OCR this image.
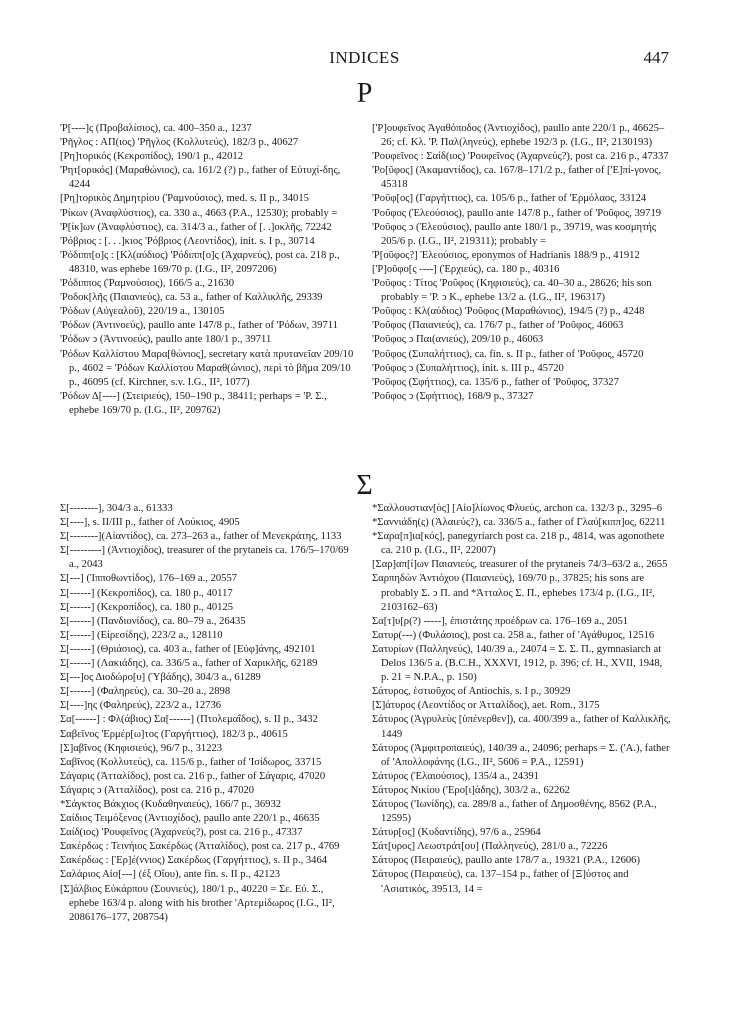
INDICES	447
Ρ

'Ρ[----]ς (Προβαλίσιος), ca. 400–350 a., 1237

'Ρῆγλος : ΑΠ(ιος) 'Ρῆγλος (Κολλυτεύς), 182/3 p., 40627

[Ρη]τορικός (Κεκροπίδος), 190/1 p., 42012

'Ρητ[ορικός] (Μαραθώνιος), ca. 161/2 (?) p., father of Εὐτυχί-δης, 4244

[Ρη]τορικὸς Δημητρίου (Ῥαμνούσιος), med. s. II p., 34015

'Ρίκων (Ἀναφλύστιος), ca. 330 a., 4663 (P.A., 12530); probably =

'Ρ[ίκ]ων (Ἀναφλύστιος), ca. 314/3 a., father of [. .]οκλῆς, 72242

'Ρόβριος : [. . .]κιος 'Ρόβριος (Λεοντίδος), init. s. I p., 30714

'Ρόδιππ[ο]ς : [Κλ(αύδιος) 'Ρόδιππ[ο]ς (Ἀχαρνεύς), post ca. 218 p., 48310, was ephebe 169/70 p. (I.G., II², 2097206)

'Ρόδιππος (Ῥαμνούσιος), 166/5 a., 21630

'Ροδοκ[λῆς (Παιανιεύς), ca. 53 a., father of Καλλικλῆς, 29339

'Ρόδων (Αὐγεαλοῦ), 220/19 a., 130105

'Ρόδων (Ἀντινοεύς), paullo ante 147/8 p., father of 'Ρόδων, 39711

'Ρόδων ͻ (Ἀντινοεύς), paullo ante 180/1 p., 39711

'Ρόδων Καλλίστου Μαρα[θώνιος], secretary κατὰ πρυτανεῖαν 209/10 p., 4602 = 'Ρόδων Καλλίστου Μαραθ(ώνιος), περὶ τὸ βῆμα 209/10 p., 46095 (cf. Kirchner, s.v. I.G., II², 1077)

'Ρόδων Δ[----] (Στειριεύς), 150–190 p., 38411; perhaps = 'Ρ. Σ., ephebe 169/70 p. (I.G., II², 209762)

['Ρ]ουφεῖνος Ἀγαθόποδος (Ἀντιοχίδος), paullo ante 220/1 p., 46625–26; cf. Κλ. 'Ρ. Παλ(ληνεύς), ephebe 192/3 p. (I.G., II², 2130193)

'Ρουφεῖνος : Σαίδ(ιος) 'Ρουφεῖνος (Ἀχαρνεύς?), post ca. 216 p., 47337

'Ρο[ῦφος] (Ἀκαμαντίδος), ca. 167/8–171/2 p., father of ['Ε]πί-γονος, 45318

'Ροῦφ[ος] (Γαργήττιος), ca. 105/6 p., father of 'Ερμόλαος, 33124

'Ροῦφος (Ἐλεούσιος), paullo ante 147/8 p., father of 'Ροῦφος, 39719

'Ροῦφος ͻ (Ἐλεούσιος), paullo ante 180/1 p., 39719, was κοσμητής 205/6 p. (I.G., II², 219311); probably =

'P[οῦφος?] Ἐλεούσιος, eponymos of Hadrianis 188/9 p., 41912

['Ρ]οῦφο[ς ----] (Ἐρχιεύς), ca. 180 p., 40316

'Ροῦφος : Τίτος 'Ροῦφος (Κηφισιεύς), ca. 40–30 a., 28626; his son probably = 'P. ͻ K., ephebe 13/2 a. (I.G., II², 196317)

'Ροῦφος : Κλ(αύδιος) 'Ροῦφος (Μαραθώνιος), 194/5 (?) p., 4248

'Ροῦφος (Παιανιεύς), ca. 176/7 p., father of 'Ροῦφος, 46063

'Ροῦφος ͻ Παι(ανιεύς), 209/10 p., 46063

'Ροῦφος (Συπαλήττιος), ca. fin. s. II p., father of 'Ροῦφος, 45720

'Ροῦφος ͻ (Συπαλήττιος), init. s. III p., 45720

'Ροῦφος (Σφήττιος), ca. 135/6 p., father of 'Ροῦφος, 37327

'Ροῦφος ͻ (Σφήττιος), 168/9 p., 37327

Σ

Σ[--------], 304/3 a., 61333

Σ[----], s. II/III p., father of Λούκιος, 4905

Σ[--------](Αἰαντίδος), ca. 273–263 a., father of Μενεκράτης, 1133

Σ[---------] (Ἀντιοχίδος), treasurer of the prytaneis ca. 176/5–170/69 a., 2043

Σ[---] (Ἱπποθωντίδος), 176–169 a., 20557

Σ[------] (Κεκροπίδος), ca. 180 p., 40117

Σ[------] (Κεκροπίδος), ca. 180 p., 40125

Σ[------] (Πανδιονίδος), ca. 80–79 a., 26435

Σ[------] (Εἰρεσίδης), 223/2 a., 128110

Σ[------] (Θριάσιος), ca. 403 a., father of [Εὐφ]άνης, 492101

Σ[------] (Λακιάδης), ca. 336/5 a., father of Χαρικλῆς, 62189

Σ[---]ος Διοδώρο[υ] (Ὑβάδης), 304/3 a., 61289

Σ[------] (Φαληρεύς), ca. 30–20 a., 2898

Σ[----]ης (Φαληρεύς), 223/2 a., 12736

Σα[------] : Φλ(άβιος) Σα[------] (Πτολεμαΐδος), s. II p., 3432

Σαβεῖνος 'Ερμέρ[ω]τος (Γαργήττιος), 182/3 p., 40615

[Σ]αβῖνος (Κηφισιεύς), 96/7 p., 31223

Σαβῖνος (Κολλυτεύς), ca. 115/6 p., father of 'Ισίδωρος, 33715

Σάγαρις (Ἀτταλίδος), post ca. 216 p., father of Σάγαρις, 47020

Σάγαρις ͻ (Ἀτταλίδος), post ca. 216 p., 47020

*Σάγκτος Βάκχιος (Κυδαθηναιεύς), 166/7 p., 36932

Σαίδιος Τειμόξενος (Ἀντιοχίδος), paullo ante 220/1 p., 46635

Σαίδ(ιος) 'Ρουφεῖνος (Ἀχαρνεύς?), post ca. 216 p., 47337

Σακέρδως : Τεινήιος Σακέρδως (Ἀτταλίδος), post ca. 217 p., 4769

Σακέρδως : [Ἐρ]έ(ννιος) Σακέρδως (Γαργήττιος), s. II p., 3464

Σαλάριος Αἰσ[---] (ἐξ Οἴου), ante fin. s. II p., 42123

[Σ]άλβιος Εὐκάρπου (Σουνιεύς), 180/1 p., 40220 = Σε. Εὐ. Σ., ephebe 163/4 p. along with his brother 'Αρτεμίδωρος (I.G., II², 2086176–177, 208754)

*Σαλλουστιαν[ὸς] [Αἰο]λίωνος Φλυεύς, archon ca. 132/3 p., 3295–6

*Σαννιάδη(ς) (Ἀλαιεύς?), ca. 336/5 a., father of Γλαύ[κιππ]ος, 62211

*Σαρα[π]ια[κός], panegyriarch post ca. 218 p., 4814, was agonothete ca. 210 p. (I.G., II², 22007)

[Σαρ]απ[ί]ων Παιανιεύς, treasurer of the prytaneis 74/3–63/2 a., 2655

Σαρπηδὼν Ἀντιόχου (Παιανιεύς), 169/70 p., 37825; his sons are probably Σ. ͻ Π. and *Ἀτταλος Σ. Π., ephebes 173/4 p. (I.G., II², 2103162–63)

Σα[τ]υ[ρ(?) -----], ἐπιστάτης προέδρων ca. 176–169 a., 2051

Σατυρ(---) (Φυλάσιος), post ca. 258 a., father of 'Αγάθυμος, 12516

Σατυρίων (Παλληνεύς), 140/39 a., 24074 = Σ. Σ. Π., gymnasiarch at Delos 136/5 a. (B.C.H., XXXVI, 1912, p. 396; cf. H., XVII, 1948, p. 21 = N.P.A., p. 150)

Σάτυρος, ἑστιοῦχος of Antiochis, s. I p., 30929

[Σ]άτυρος (Λεοντίδος or Ἀτταλίδος), aet. Rom., 3175

Σάτυρος (Ἀγρυλεὺς [ὑπένερθεν]), ca. 400/399 a., father of Καλλικλῆς, 1449

Σάτυρος (Ἀμφιτροπαιεύς), 140/39 a., 24096; perhaps = Σ. ('Α.), father of 'Απολλοφάνης (I.G., II², 5606 = P.A., 12591)

Σάτυρος (Ἐλαιούσιος), 135/4 a., 24391

Σάτυρος Νικίου ('Ερο[ι]άδης), 303/2 a., 62262

Σάτυρος ('Ιωνίδης), ca. 289/8 a., father of Δημοσθένης, 8562 (P.A., 12595)

Σάτυρ[ος] (Κυδαντίδης), 97/6 a., 25964

Σάτ[υρος] Λεωστράτ[ου] (Παλληνεύς), 281/0 a., 72226

Σάτυρος (Πειραιεύς), paullo ante 178/7 a., 19321 (P.A., 12606)

Σάτυρος (Πειραιεύς), ca. 137–154 p., father of [Ξ]ύστος and 'Ασιατικός, 39513, 14 =
